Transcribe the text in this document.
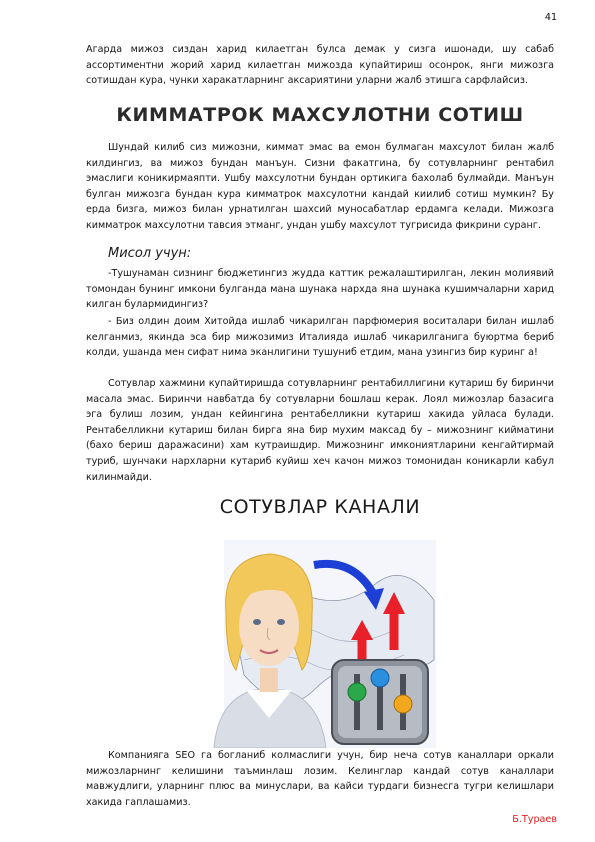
41

Агарда мижоз сиздан харид килаетган булса демак у сизга ишонади, шу сабаб ассортиментни жорий харид килаетган мижозда купайтириш осонрок, янги мижозга сотишдан кура, чунки харакатларнинг аксариятини уларни жалб этишга сарфлайсиз.

КИММАТРОК МАХСУЛОТНИ СОТИШ

Шундай килиб сиз мижозни, киммат эмас ва емон булмаган махсулот билан жалб килдингиз, ва мижоз бундан манъун. Сизни факатгина, бу сотувларнинг рентабил эмаслиги коникирмаяпти. Ушбу махсулотни бундан ортикига бахолаб булмайди. Манъун булган мижозга бундан кура кимматрок махсулотни кандай киилиб сотиш мумкин? Бу ерда бизга, мижоз билан урнатилган шахсий муносабатлар ердамга келади. Мижозга кимматрок махсулотни тавсия этманг, ундан ушбу махсулот тугрисида фикрини суранг.

Мисол учун:

-Тушунаман сизнинг бюджетингиз жудда каттик режалаштирилган, лекин молиявий томондан бунинг имкони булганда мана шунака нархда яна шунака кушимчаларни харид килган булармидингиз?

- Биз олдин доим Хитойда ишлаб чикарилган парфюмерия воситалари билан ишлаб келганмиз, якинда эса бир мижозимиз Италияда ишлаб чикарилганига буюртма бериб колди, ушанда мен сифат нима эканлигини тушуниб етдим, мана узингиз бир куринг а!

Сотувлар хажмини купайтиришда сотувларнинг рентабиллигини кутариш бу биринчи масала эмас. Биринчи навбатда бу сотувларни бошлаш керак. Лоял мижозлар базасига эга булиш лозим, ундан кейингина рентабелликни кутариш хакида уйласа булади. Рентабелликни кутариш билан бирга яна бир мухим максад бу – мижознинг кийматини (бахо бериш даражасини) хам кутраишдир. Мижознинг имкониятларини кенгайтирмай туриб, шунчаки нархларни кутариб куйиш хеч качон мижоз томонидан коникарли кабул килинмайди.

СОТУВЛАР КАНАЛИ

Компанияга SEO га богланиб колмаслиги учун, бир неча сотув каналлари оркали мижозларнинг келишини таъминлаш лозим. Келинглар кандай сотув каналлари мавжудлиги, уларнинг плюс ва минуслари, ва кайси турдаги бизнесга тугри келишлари хакида гаплашамиз.

Б.Тураев
